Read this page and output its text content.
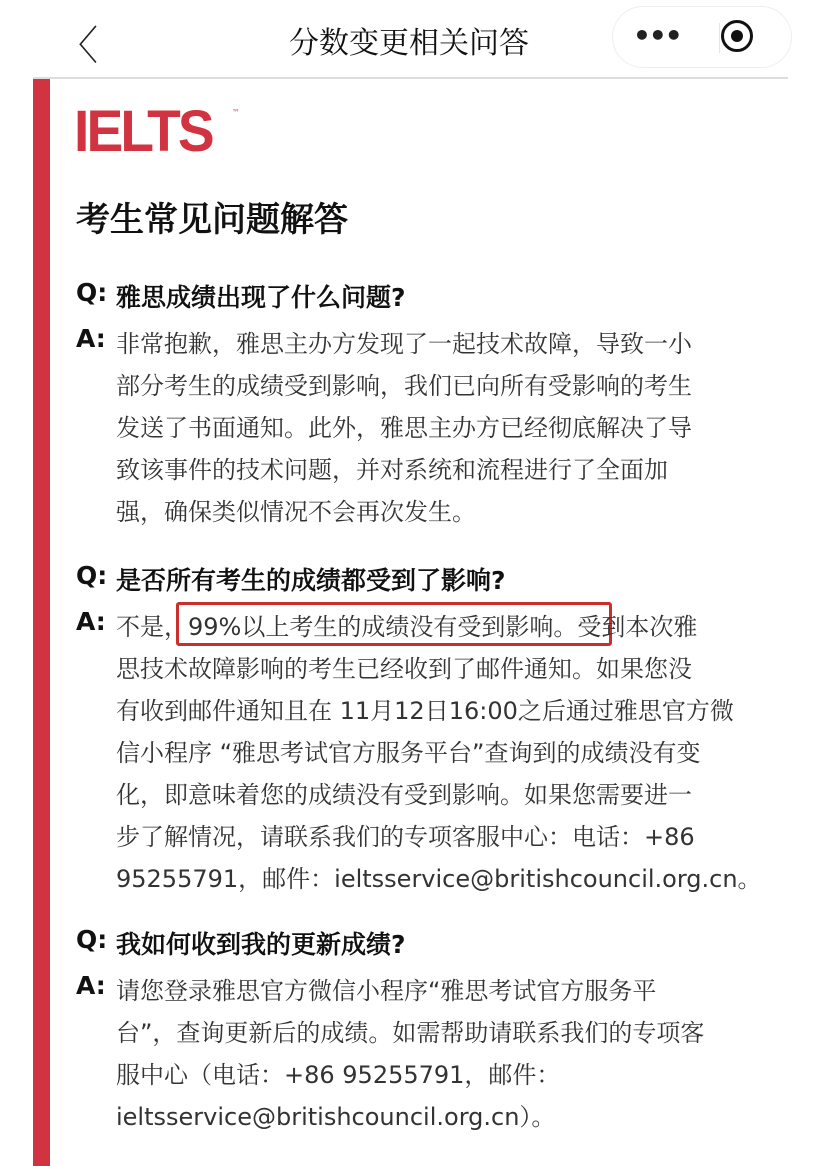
〈	分数变更相关问答	•••
IELTS	™
考生常见问题解答
Q: 雅思成绩出现了什么问题?
A: 非常抱歉，雅思主办方发现了一起技术故障，导致一小
部分考生的成绩受到影响，我们已向所有受影响的考生
发送了书面通知。此外，雅思主办方已经彻底解决了导
致该事件的技术问题，并对系统和流程进行了全面加
强，确保类似情况不会再次发生。
Q: 是否所有考生的成绩都受到了影响?
A: 不是，99%以上考生的成绩没有受到影响。受到本次雅
思技术故障影响的考生已经收到了邮件通知。如果您没
有收到邮件通知且在 11月12日16:00之后通过雅思官方微
信小程序 “雅思考试官方服务平台”查询到的成绩没有变
化，即意味着您的成绩没有受到影响。如果您需要进一
步了解情况，请联系我们的专项客服中心：电话：+86
95255791，邮件：ieltsservice@britishcouncil.org.cn。
Q: 我如何收到我的更新成绩?
A: 请您登录雅思官方微信小程序“雅思考试官方服务平
台”，查询更新后的成绩。如需帮助请联系我们的专项客
服中心（电话：+86 95255791，邮件：
ieltsservice@britishcouncil.org.cn）。
